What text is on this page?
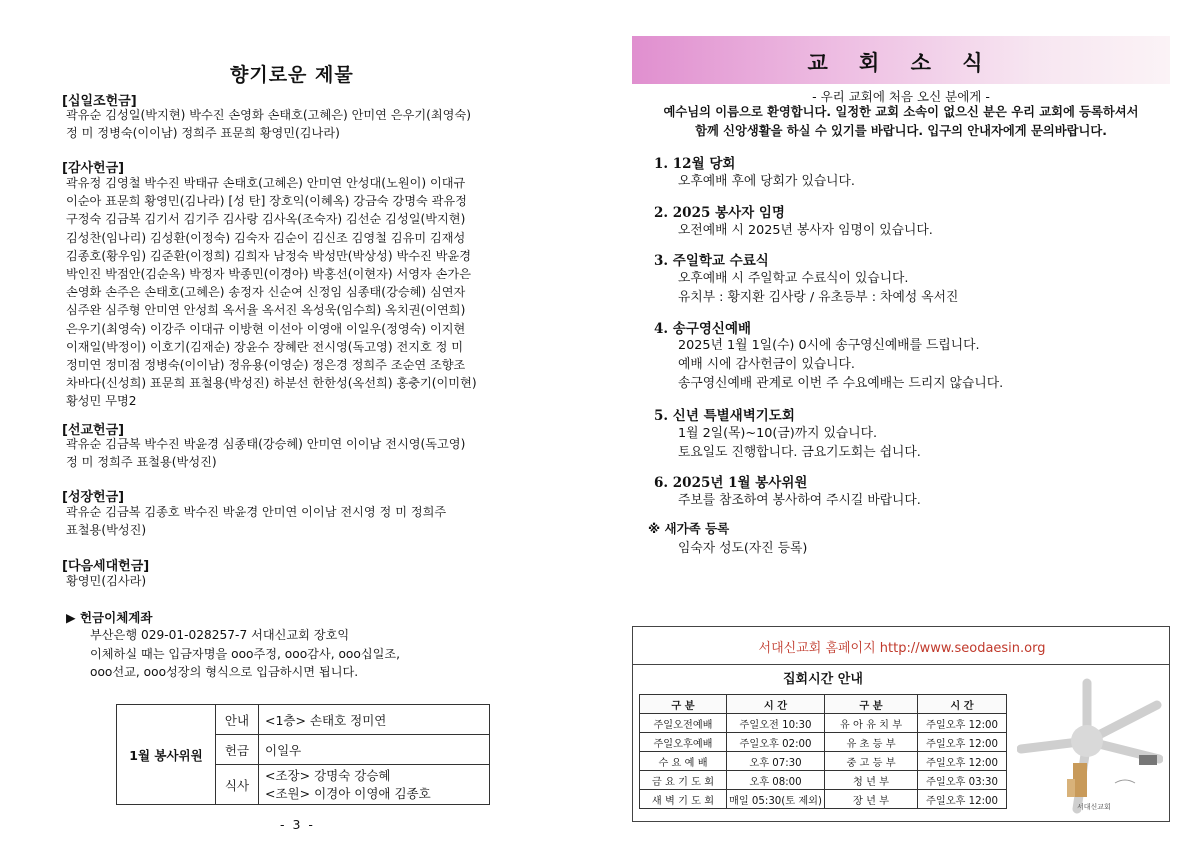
향기로운 제물
[십일조헌금]
곽유순 김성일(박지현) 박수진 손영화 손태호(고혜은) 안미연 은우기(최영숙)
정 미 정병숙(이이남) 정희주 표문희 황영민(김나라)
[감사헌금]
곽유정 김영철 박수진 박태규 손태호(고혜은) 안미연 안성대(노원이) 이대규
이순아 표문희 황영민(김나라) [성 탄] 장호익(이혜옥) 강금숙 강명숙 곽유정
구정숙 김금복 김기서 김기주 김사랑 김사옥(조숙자) 김선순 김성일(박지현)
김성찬(임나리) 김성환(이정숙) 김숙자 김순이 김신조 김영철 김유미 김재성
김종호(황우임) 김준환(이정희) 김희자 남정숙 박성만(박상성) 박수진 박윤경
박인진 박점안(김순옥) 박정자 박종민(이경아) 박홍선(이현자) 서영자 손가은
손영화 손주은 손태호(고혜은) 송정자 신순여 신정임 심종태(강승혜) 심연자
심주완 심주형 안미연 안성희 옥서율 옥서진 옥성욱(임수희) 옥치권(이연희)
은우기(최영숙) 이강주 이대규 이방현 이선아 이영애 이일우(정영숙) 이지현
이재일(박정이) 이호기(김재순) 장윤수 장혜란 전시영(독고영) 전지호 정 미
정미연 정미점 정병숙(이이남) 정유용(이영순) 정은경 정희주 조순연 조향조
차바다(신성희) 표문희 표철용(박성진) 하분선 한한성(옥선희) 홍충기(이미현)
황성민 무명2
[선교헌금]
곽유순 김금복 박수진 박윤경 심종태(강승혜) 안미연 이이남 전시영(독고영)
정 미 정희주 표철용(박성진)
[성장헌금]
곽유순 김금복 김종호 박수진 박윤경 안미연 이이남 전시영 정 미 정희주
표철용(박성진)
[다음세대헌금]
황영민(김사라)
▶ 헌금이체계좌
부산은행 029-01-028257-7 서대신교회 장호익
이체하실 때는 입금자명을 ooo주정, ooo감사, ooo십일조,
ooo선교, ooo성장의 형식으로 입금하시면 됩니다.
1월 봉사위원	안내	<1층> 손태호 정미연
	헌금	이일우
	식사	<조장> 강명숙 강승혜
<조원> 이경아 이영애 김종호
- 3 -
교 회 소 식
- 우리 교회에 처음 오신 분에게 -
예수님의 이름으로 환영합니다. 일정한 교회 소속이 없으신 분은 우리 교회에 등록하셔서
함께 신앙생활을 하실 수 있기를 바랍니다. 입구의 안내자에게 문의바랍니다.
1. 12월 당회
오후예배 후에 당회가 있습니다.
2. 2025 봉사자 임명
오전예배 시 2025년 봉사자 임명이 있습니다.
3. 주일학교 수료식
오후예배 시 주일학교 수료식이 있습니다.
유치부 : 황지환 김사랑 / 유초등부 : 차예성 옥서진
4. 송구영신예배
2025년 1월 1일(수) 0시에 송구영신예배를 드립니다.
예배 시에 감사헌금이 있습니다.
송구영신예배 관계로 이번 주 수요예배는 드리지 않습니다.
5. 신년 특별새벽기도회
1월 2일(목)~10(금)까지 있습니다.
토요일도 진행합니다. 금요기도회는 쉽니다.
6. 2025년 1월 봉사위원
주보를 참조하여 봉사하여 주시길 바랍니다.
※ 새가족 등록
임숙자 성도(자진 등록)
서대신교회 홈페이지 http://www.seodaesin.org
집회시간 안내
구 분	시 간	구 분	시 간
주일오전예배	주일오전 10:30	유 아 유 치 부	주일오후 12:00
주일오후예배	주일오후 02:00	유 초 등 부	주일오후 12:00
수 요 예 배	오후 07:30	중 고 등 부	주일오후 12:00
금 요 기 도 회	오후 08:00	청 년 부	주일오후 03:30
새 벽 기 도 회	매일 05:30(토 제외)	장 년 부	주일오후 12:00
서대신교회
